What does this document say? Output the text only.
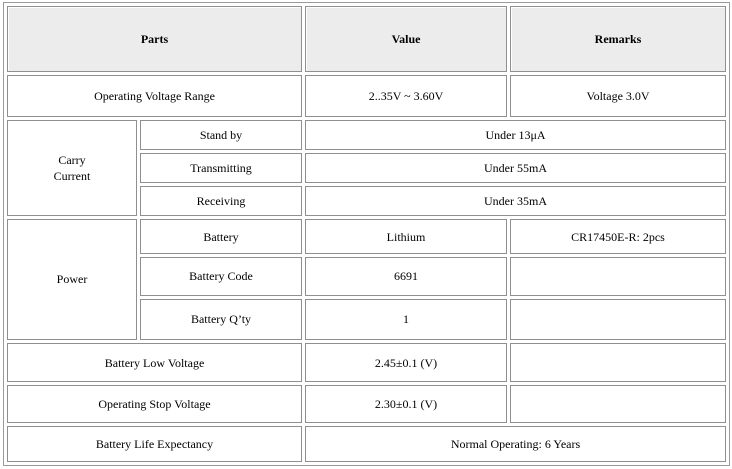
Parts		Value	Remarks
Operating Voltage Range		2..35V ~ 3.60V	Voltage 3.0V

Carry
Current	Stand by	Under 13μA	
	Transmitting	Under 55mA	
	Receiving	Under 35mA	
Power	Battery	Lithium	CR17450E-R: 2pcs
	Battery Code	6691	
	Battery Q’ty	1	
Battery Low Voltage		2.45±0.1 (V)	
Operating Stop Voltage		2.30±0.1 (V)	
Battery Life Expectancy		Normal Operating: 6 Years	
